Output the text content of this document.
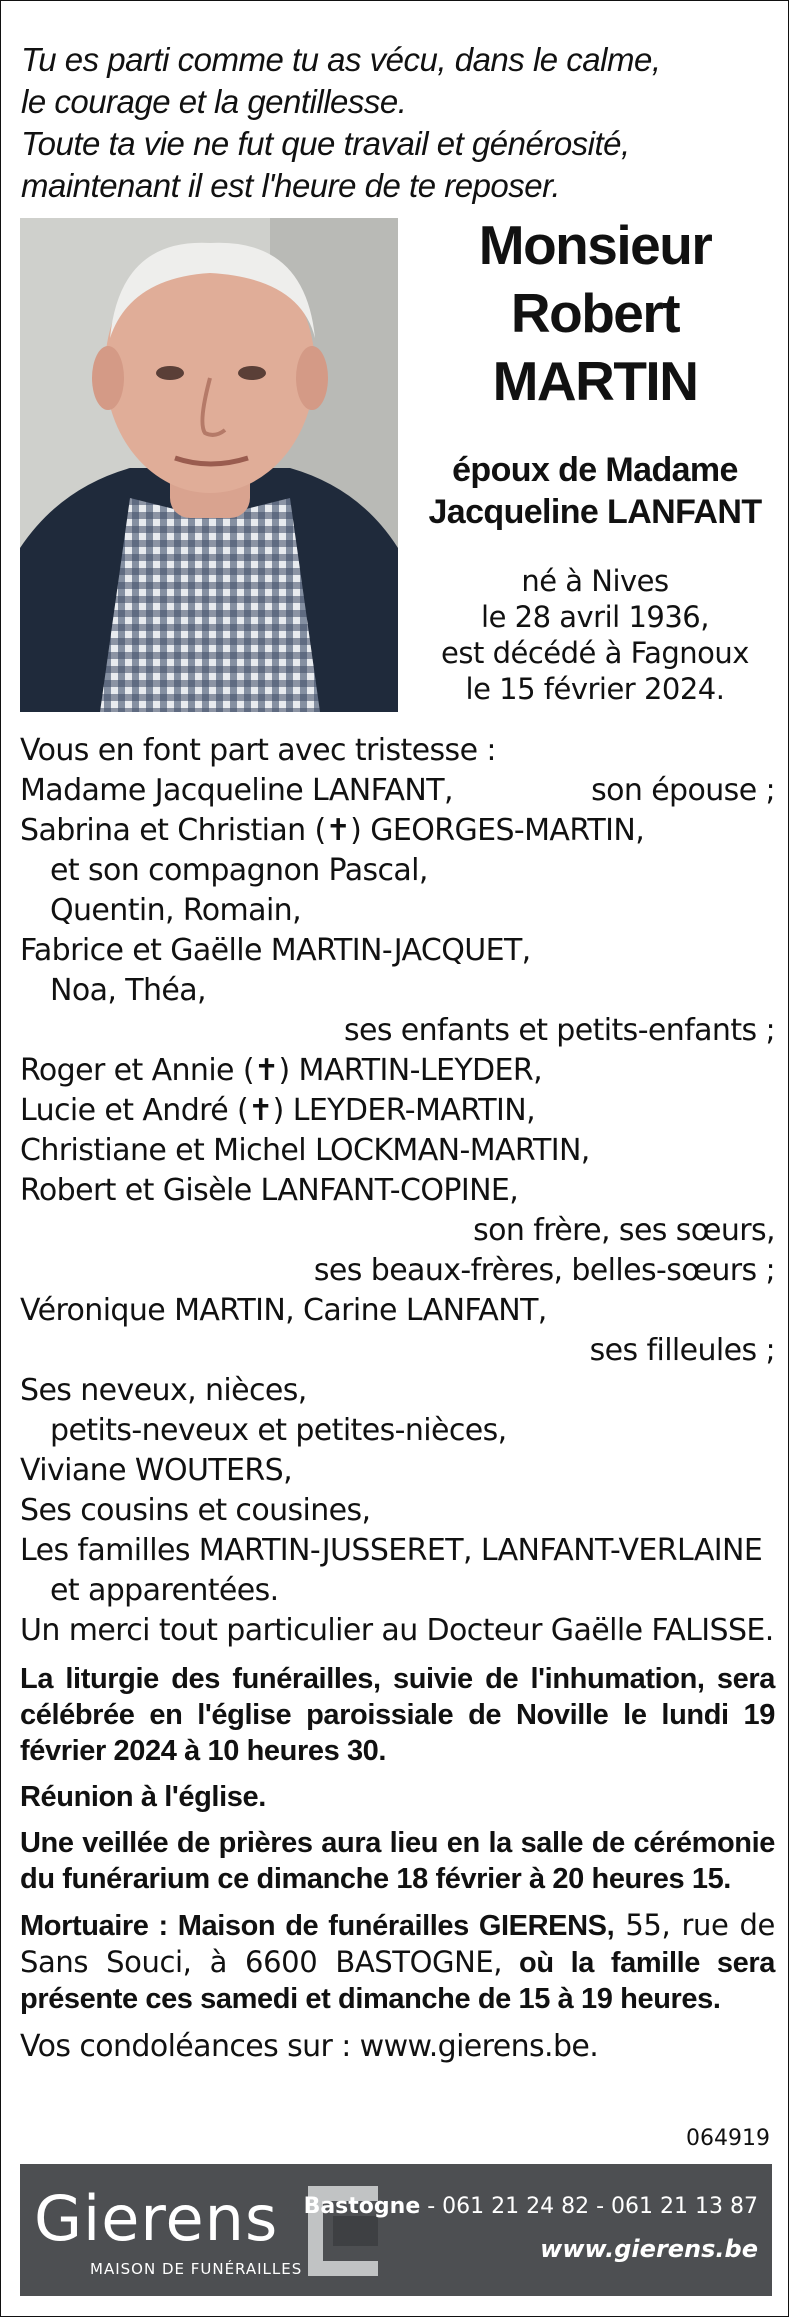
Tu es parti comme tu as vécu, dans le calme,
le courage et la gentillesse.
Toute ta vie ne fut que travail et générosité,
maintenant il est l'heure de te reposer.
Monsieur
Robert
MARTIN
époux de Madame
Jacqueline LANFANT
né à Nives
le 28 avril 1936,
est décédé à Fagnoux
le 15 février 2024.
Vous en font part avec tristesse :
Madame Jacqueline LANFANT,	son épouse ;
Sabrina et Christian (✝) GEORGES-MARTIN,
et son compagnon Pascal,
Quentin, Romain,
Fabrice et Gaëlle MARTIN-JACQUET,
Noa, Théa,
ses enfants et petits-enfants ;
Roger et Annie (✝) MARTIN-LEYDER,
Lucie et André (✝) LEYDER-MARTIN,
Christiane et Michel LOCKMAN-MARTIN,
Robert et Gisèle LANFANT-COPINE,
son frère, ses sœurs,
ses beaux-frères, belles-sœurs ;
Véronique MARTIN, Carine LANFANT,
ses filleules ;
Ses neveux, nièces,
petits-neveux et petites-nièces,
Viviane WOUTERS,
Ses cousins et cousines,
Les familles MARTIN-JUSSERET, LANFANT-VERLAINE
et apparentées.
Un merci tout particulier au Docteur Gaëlle FALISSE.
La liturgie des funérailles, suivie de l'inhumation, sera célébrée en l'église paroissiale de Noville le lundi 19 février 2024 à 10 heures 30.
Réunion à l'église.
Une veillée de prières aura lieu en la salle de cérémonie du funérarium ce dimanche 18 février à 20 heures 15.
Mortuaire : Maison de funérailles GIERENS, 55, rue de Sans Souci, à 6600 BASTOGNE, où la famille sera présente ces samedi et dimanche de 15 à 19 heures.
Vos condoléances sur : www.gierens.be.
064919
Gierens
MAISON DE FUNÉRAILLES
Bastogne - 061 21 24 82 - 061 21 13 87
www.gierens.be
